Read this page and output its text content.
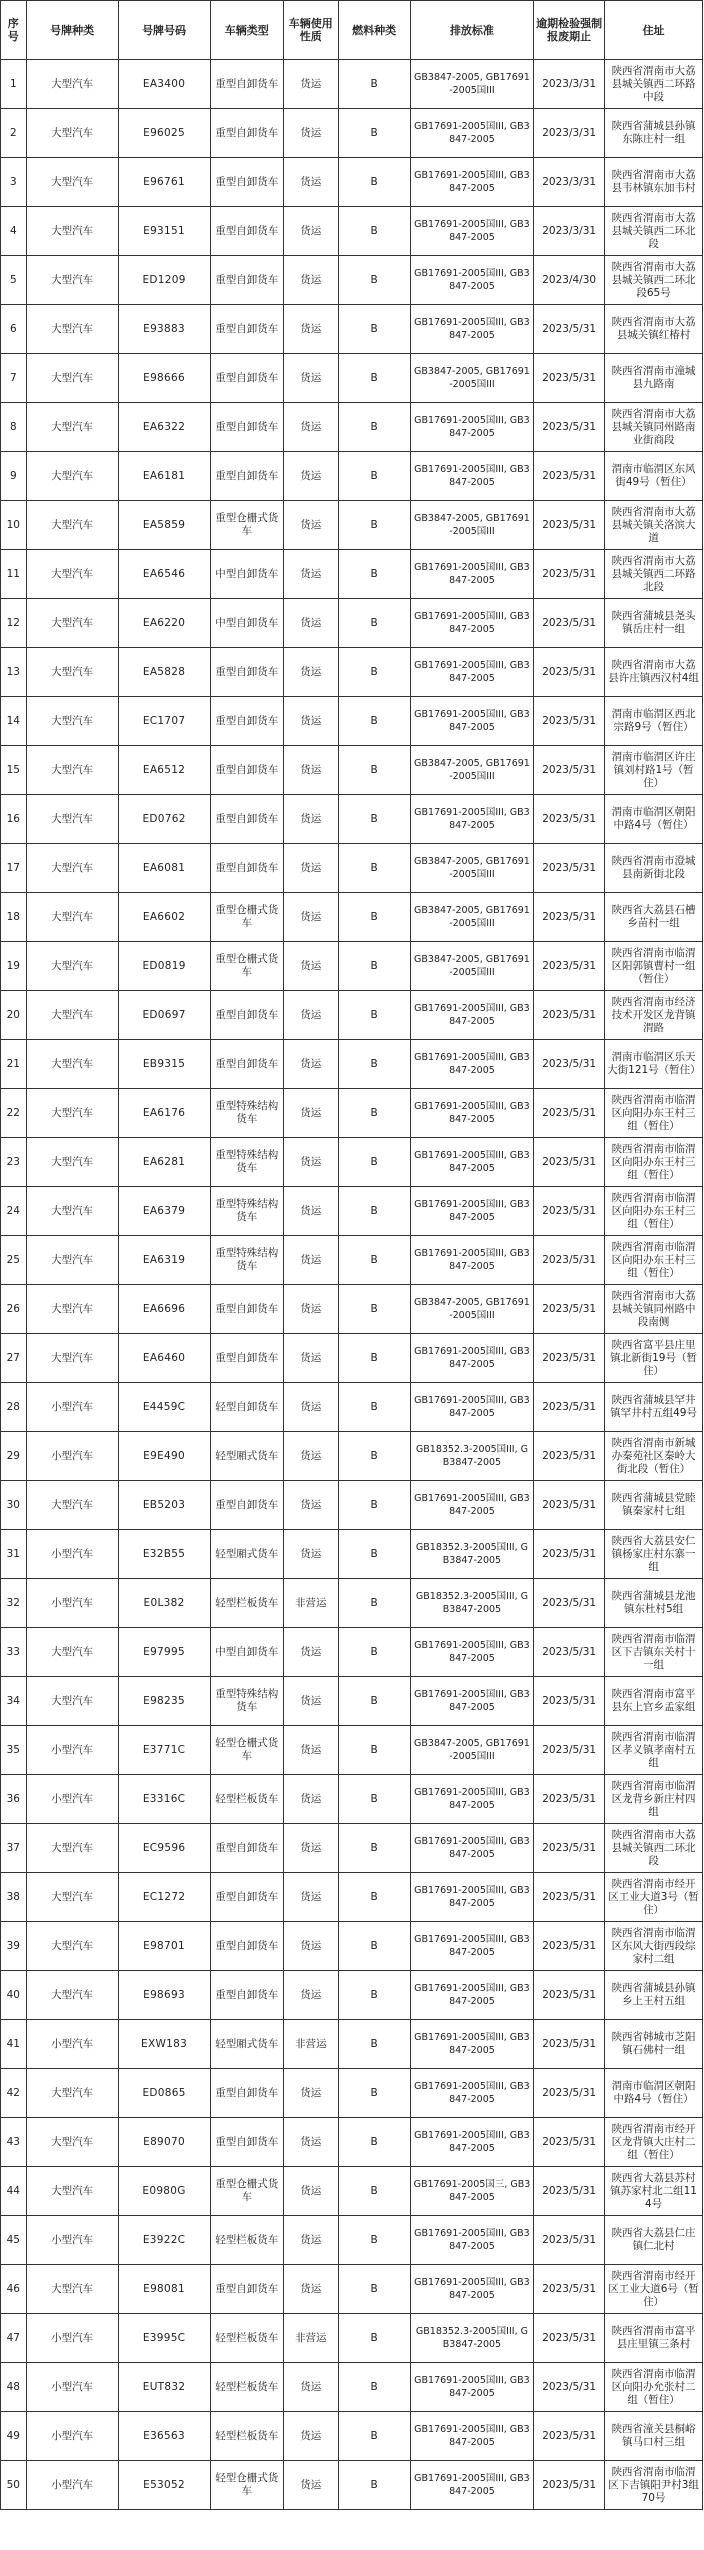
序号	号牌种类	号牌号码	车辆类型	车辆使用性质	燃料种类	排放标准	逾期检验强制报废期止	住址
1	大型汽车	EA3400	重型自卸货车	货运	B	GB3847-2005, GB17691-2005国III	2023/3/31	陕西省渭南市大荔县城关镇西二环路中段
2	大型汽车	E96025	重型自卸货车	货运	B	GB17691-2005国III, GB3847-2005	2023/3/31	陕西省蒲城县孙镇东陈庄村一组
3	大型汽车	E96761	重型自卸货车	货运	B	GB17691-2005国III, GB3847-2005	2023/3/31	陕西省渭南市大荔县韦林镇东加韦村
4	大型汽车	E93151	重型自卸货车	货运	B	GB17691-2005国III, GB3847-2005	2023/3/31	陕西省渭南市大荔县城关镇西二环北段
5	大型汽车	ED1209	重型自卸货车	货运	B	GB17691-2005国III, GB3847-2005	2023/4/30	陕西省渭南市大荔县城关镇西二环北段65号
6	大型汽车	E93883	重型自卸货车	货运	B	GB17691-2005国III, GB3847-2005	2023/5/31	陕西省渭南市大荔县城关镇红椿村
7	大型汽车	E98666	重型自卸货车	货运	B	GB3847-2005, GB17691-2005国III	2023/5/31	陕西省渭南市潼城县九路南
8	大型汽车	EA6322	重型自卸货车	货运	B	GB17691-2005国III, GB3847-2005	2023/5/31	陕西省渭南市大荔县城关镇同州路南业街商段
9	大型汽车	EA6181	重型自卸货车	货运	B	GB17691-2005国III, GB3847-2005	2023/5/31	渭南市临渭区东风街49号（暂住）
10	大型汽车	EA5859	重型仓栅式货车	货运	B	GB3847-2005, GB17691-2005国III	2023/5/31	陕西省渭南市大荔县城关镇关洛滨大道
11	大型汽车	EA6546	中型自卸货车	货运	B	GB17691-2005国III, GB3847-2005	2023/5/31	陕西省渭南市大荔县城关镇西二环路北段
12	大型汽车	EA6220	中型自卸货车	货运	B	GB17691-2005国III, GB3847-2005	2023/5/31	陕西省蒲城县尧头镇岳庄村一组
13	大型汽车	EA5828	重型自卸货车	货运	B	GB17691-2005国III, GB3847-2005	2023/5/31	陕西省渭南市大荔县许庄镇西汉村4组
14	大型汽车	EC1707	重型自卸货车	货运	B	GB17691-2005国III, GB3847-2005	2023/5/31	渭南市临渭区西北宗路9号（暂住）
15	大型汽车	EA6512	重型自卸货车	货运	B	GB3847-2005, GB17691-2005国III	2023/5/31	渭南市临渭区许庄镇刘村路1号（暂住）
16	大型汽车	ED0762	重型自卸货车	货运	B	GB17691-2005国III, GB3847-2005	2023/5/31	渭南市临渭区朝阳中路4号（暂住）
17	大型汽车	EA6081	重型自卸货车	货运	B	GB3847-2005, GB17691-2005国III	2023/5/31	陕西省渭南市澄城县南新街北段
18	大型汽车	EA6602	重型仓栅式货车	货运	B	GB3847-2005, GB17691-2005国III	2023/5/31	陕西省大荔县石槽乡苗村一组
19	大型汽车	ED0819	重型仓栅式货车	货运	B	GB3847-2005, GB17691-2005国III	2023/5/31	陕西省渭南市临渭区阳郭镇曹村一组（暂住）
20	大型汽车	ED0697	重型自卸货车	货运	B	GB17691-2005国III, GB3847-2005	2023/5/31	陕西省渭南市经济技术开发区龙背镇渭路
21	大型汽车	EB9315	重型自卸货车	货运	B	GB17691-2005国III, GB3847-2005	2023/5/31	渭南市临渭区乐天大街121号（暂住）
22	大型汽车	EA6176	重型特殊结构货车	货运	B	GB17691-2005国III, GB3847-2005	2023/5/31	陕西省渭南市临渭区向阳办东王村三组（暂住）
23	大型汽车	EA6281	重型特殊结构货车	货运	B	GB17691-2005国III, GB3847-2005	2023/5/31	陕西省渭南市临渭区向阳办东王村三组（暂住）
24	大型汽车	EA6379	重型特殊结构货车	货运	B	GB17691-2005国III, GB3847-2005	2023/5/31	陕西省渭南市临渭区向阳办东王村三组（暂住）
25	大型汽车	EA6319	重型特殊结构货车	货运	B	GB17691-2005国III, GB3847-2005	2023/5/31	陕西省渭南市临渭区向阳办东王村三组（暂住）
26	大型汽车	EA6696	重型自卸货车	货运	B	GB3847-2005, GB17691-2005国III	2023/5/31	陕西省渭南市大荔县城关镇同州路中段南侧
27	大型汽车	EA6460	重型自卸货车	货运	B	GB17691-2005国III, GB3847-2005	2023/5/31	陕西省富平县庄里镇北新街19号（暂住）
28	小型汽车	E4459C	轻型自卸货车	货运	B	GB17691-2005国III, GB3847-2005	2023/5/31	陕西省蒲城县罕井镇罕井村五组49号
29	小型汽车	E9E490	轻型厢式货车	货运	B	GB18352.3-2005国III, GB3847-2005	2023/5/31	陕西省渭南市新城办秦苑社区秦岭大街北段（暂住）
30	大型汽车	EB5203	重型自卸货车	货运	B	GB17691-2005国III, GB3847-2005	2023/5/31	陕西省蒲城县党睦镇秦家村七组
31	小型汽车	E32B55	轻型厢式货车	货运	B	GB18352.3-2005国III, GB3847-2005	2023/5/31	陕西省大荔县安仁镇杨家庄村东寨一组
32	小型汽车	E0L382	轻型栏板货车	非营运	B	GB18352.3-2005国III, GB3847-2005	2023/5/31	陕西省蒲城县龙池镇东杜村5组
33	大型汽车	E97995	中型自卸货车	货运	B	GB17691-2005国III, GB3847-2005	2023/5/31	陕西省渭南市临渭区下吉镇东关村十一组
34	大型汽车	E98235	重型特殊结构货车	货运	B	GB17691-2005国III, GB3847-2005	2023/5/31	陕西省渭南市富平县东上官乡孟家组
35	小型汽车	E3771C	轻型仓栅式货车	货运	B	GB3847-2005, GB17691-2005国III	2023/5/31	陕西省渭南市临渭区孝义镇孝南村五组
36	小型汽车	E3316C	轻型栏板货车	货运	B	GB17691-2005国III, GB3847-2005	2023/5/31	陕西省渭南市临渭区龙背乡新庄村四组
37	大型汽车	EC9596	重型自卸货车	货运	B	GB17691-2005国III, GB3847-2005	2023/5/31	陕西省渭南市大荔县城关镇西二环北段
38	大型汽车	EC1272	重型自卸货车	货运	B	GB17691-2005国III, GB3847-2005	2023/5/31	陕西省渭南市经开区工业大道3号（暂住）
39	大型汽车	E98701	重型自卸货车	货运	B	GB17691-2005国III, GB3847-2005	2023/5/31	陕西省渭南市临渭区东风大街西段综家村二组
40	大型汽车	E98693	重型自卸货车	货运	B	GB17691-2005国III, GB3847-2005	2023/5/31	陕西省蒲城县孙镇乡上王村五组
41	小型汽车	EXW183	轻型厢式货车	非营运	B	GB17691-2005国III, GB3847-2005	2023/5/31	陕西省韩城市芝阳镇石佛村一组
42	大型汽车	ED0865	重型自卸货车	货运	B	GB17691-2005国III, GB3847-2005	2023/5/31	渭南市临渭区朝阳中路4号（暂住）
43	大型汽车	E89070	重型自卸货车	货运	B	GB17691-2005国III, GB3847-2005	2023/5/31	陕西省渭南市经开区龙背镇大庄村二组（暂住）
44	大型汽车	E0980G	重型仓栅式货车	货运	B	GB17691-2005国三, GB3847-2005	2023/5/31	陕西省大荔县苏村镇苏家村北二组114号
45	小型汽车	E3922C	轻型栏板货车	货运	B	GB17691-2005国III, GB3847-2005	2023/5/31	陕西省大荔县仁庄镇仁北村
46	大型汽车	E98081	重型自卸货车	货运	B	GB17691-2005国III, GB3847-2005	2023/5/31	陕西省渭南市经开区工业大道6号（暂住）
47	小型汽车	E3995C	轻型栏板货车	非营运	B	GB18352.3-2005国III, GB3847-2005	2023/5/31	陕西省渭南市富平县庄里镇三条村
48	小型汽车	EUT832	轻型栏板货车	货运	B	GB17691-2005国III, GB3847-2005	2023/5/31	陕西省渭南市临渭区向阳办允张村二组（暂住）
49	小型汽车	E36563	轻型栏板货车	货运	B	GB17691-2005国III, GB3847-2005	2023/5/31	陕西省潼关县桐峪镇马口村三组
50	小型汽车	E53052	轻型仓栅式货车	货运	B	GB17691-2005国III, GB3847-2005	2023/5/31	陕西省渭南市临渭区下吉镇阳尹村3组70号
